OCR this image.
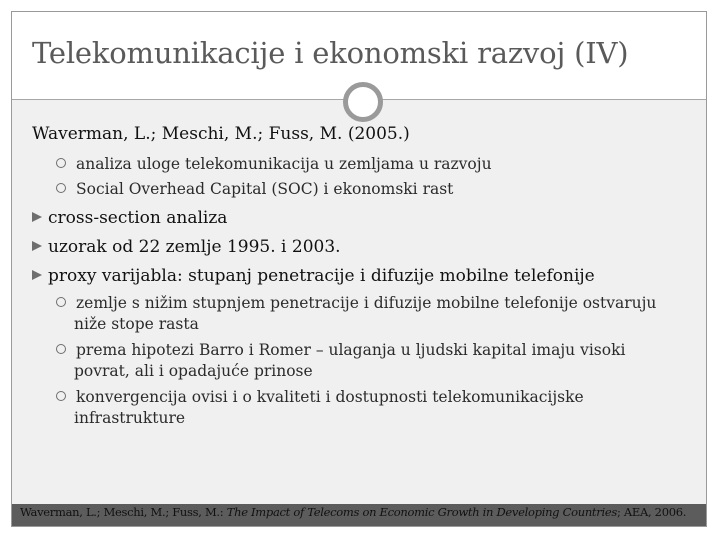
Telekomunikacije i ekonomski razvoj (IV)
Waverman, L.; Meschi, M.; Fuss, M. (2005.)
analiza uloge telekomunikacija u zemljama u razvoju
Social Overhead Capital (SOC) i ekonomski rast
cross-section analiza
uzorak od 22 zemlje 1995. i 2003.
proxy varijabla: stupanj penetracije i difuzije mobilne telefonije
zemlje s nižim stupnjem penetracije i difuzije mobilne telefonije ostvaruju
niže stope rasta
prema hipotezi Barro i Romer – ulaganja u ljudski kapital imaju visoki
povrat, ali i opadajuće prinose
konvergencija ovisi i o kvaliteti i dostupnosti telekomunikacijske
infrastrukture
Waverman, L.; Meschi, M.; Fuss, M.: The Impact of Telecoms on Economic Growth in Developing Countries; AEA, 2006.
